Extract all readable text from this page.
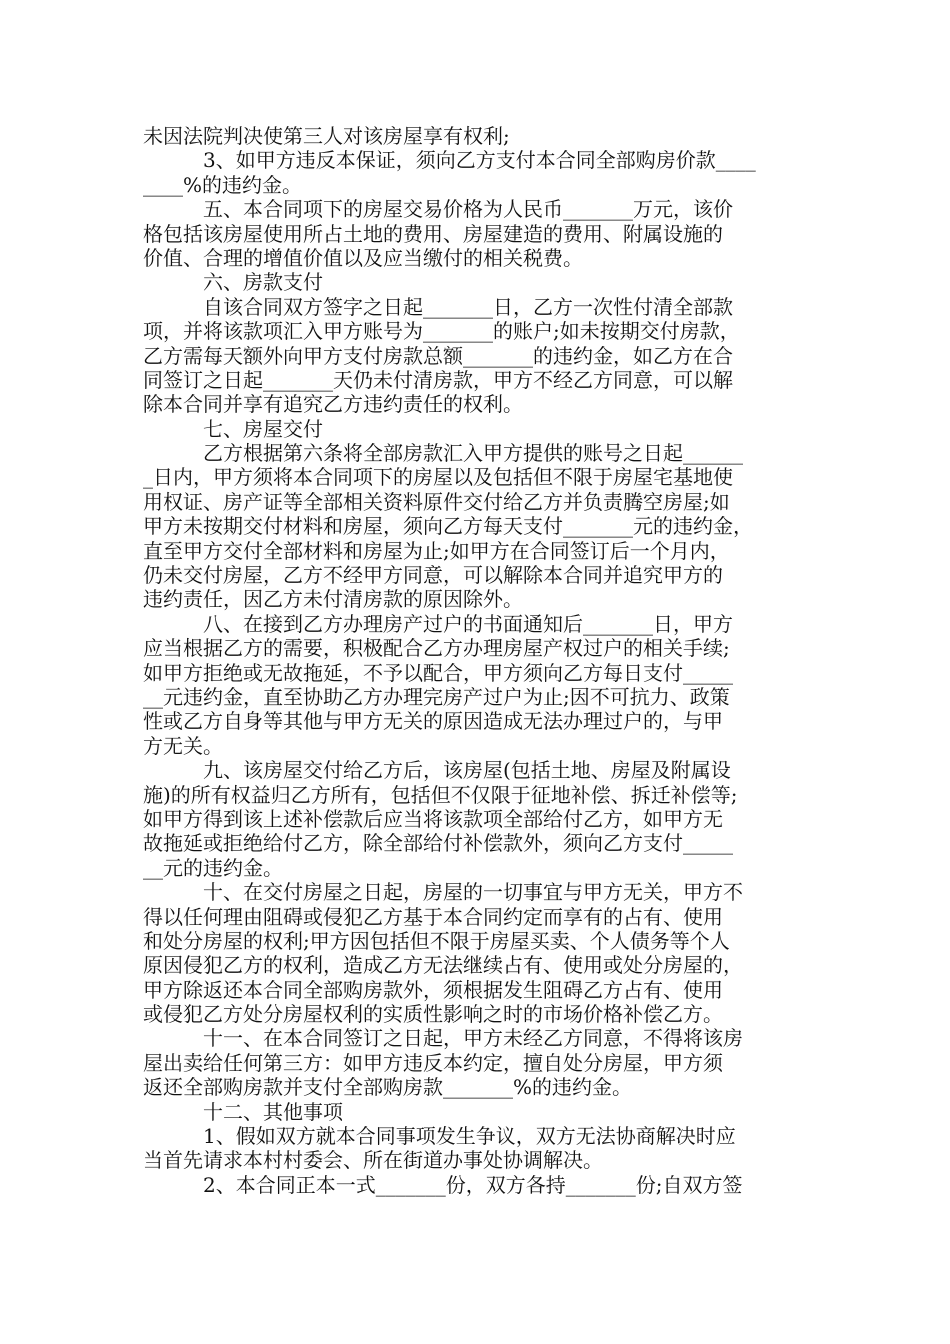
未因法院判决使第三人对该房屋享有权利;
3、如甲方违反本保证，须向乙方支付本合同全部购房价款____
____%的违约金。
五、本合同项下的房屋交易价格为人民币_______万元，该价
格包括该房屋使用所占土地的费用、房屋建造的费用、附属设施的
价值、合理的增值价值以及应当缴付的相关税费。
六、房款支付
自该合同双方签字之日起_______日，乙方一次性付清全部款
项，并将该款项汇入甲方账号为_______的账户;如未按期交付房款，
乙方需每天额外向甲方支付房款总额_______的违约金，如乙方在合
同签订之日起_______天仍未付清房款，甲方不经乙方同意，可以解
除本合同并享有追究乙方违约责任的权利。
七、房屋交付
乙方根据第六条将全部房款汇入甲方提供的账号之日起______
_日内，甲方须将本合同项下的房屋以及包括但不限于房屋宅基地使
用权证、房产证等全部相关资料原件交付给乙方并负责腾空房屋;如
甲方未按期交付材料和房屋，须向乙方每天支付_______元的违约金，
直至甲方交付全部材料和房屋为止;如甲方在合同签订后一个月内，
仍未交付房屋，乙方不经甲方同意，可以解除本合同并追究甲方的
违约责任，因乙方未付清房款的原因除外。
八、在接到乙方办理房产过户的书面通知后_______日，甲方
应当根据乙方的需要，积极配合乙方办理房屋产权过户的相关手续;
如甲方拒绝或无故拖延，不予以配合，甲方须向乙方每日支付_____
__元违约金，直至协助乙方办理完房产过户为止;因不可抗力、政策
性或乙方自身等其他与甲方无关的原因造成无法办理过户的，与甲
方无关。
九、该房屋交付给乙方后，该房屋(包括土地、房屋及附属设
施)的所有权益归乙方所有，包括但不仅限于征地补偿、拆迁补偿等;
如甲方得到该上述补偿款后应当将该款项全部给付乙方，如甲方无
故拖延或拒绝给付乙方，除全部给付补偿款外，须向乙方支付_____
__元的违约金。
十、在交付房屋之日起，房屋的一切事宜与甲方无关，甲方不
得以任何理由阻碍或侵犯乙方基于本合同约定而享有的占有、使用
和处分房屋的权利;甲方因包括但不限于房屋买卖、个人债务等个人
原因侵犯乙方的权利，造成乙方无法继续占有、使用或处分房屋的，
甲方除返还本合同全部购房款外，须根据发生阻碍乙方占有、使用
或侵犯乙方处分房屋权利的实质性影响之时的市场价格补偿乙方。
十一、在本合同签订之日起，甲方未经乙方同意，不得将该房
屋出卖给任何第三方：如甲方违反本约定，擅自处分房屋，甲方须
返还全部购房款并支付全部购房款_______%的违约金。
十二、其他事项
1、假如双方就本合同事项发生争议，双方无法协商解决时应
当首先请求本村村委会、所在街道办事处协调解决。
2、本合同正本一式_______份，双方各持_______份;自双方签
